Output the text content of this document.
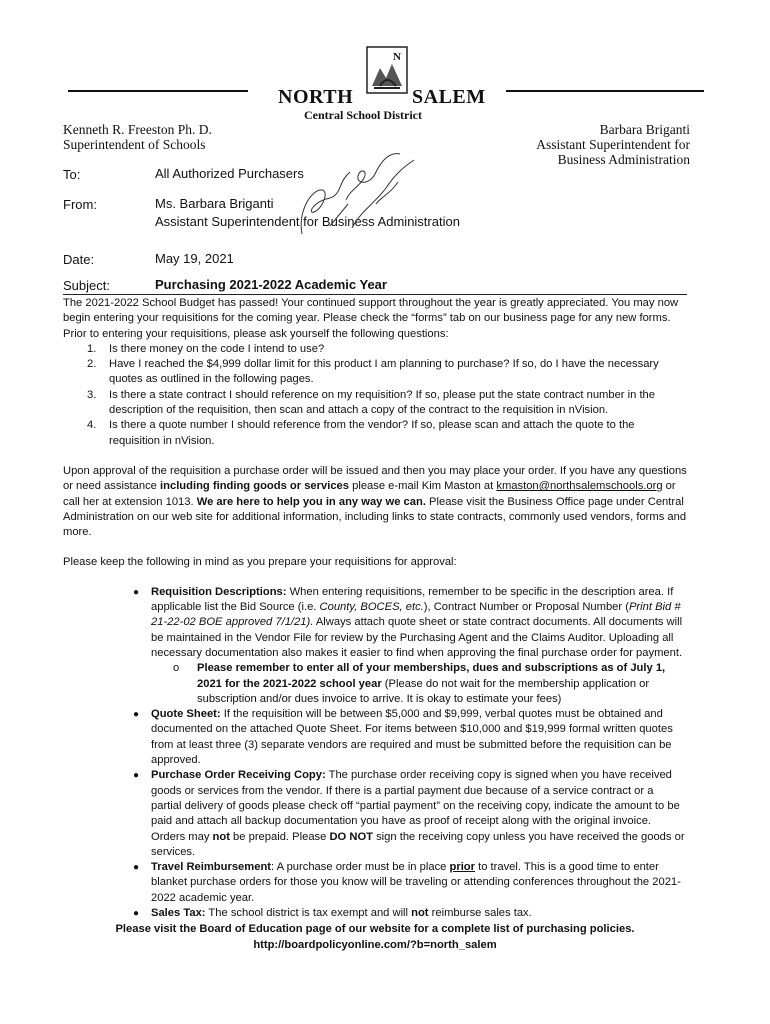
N
NORTH	SALEM
Central School District
Kenneth R. Freeston Ph. D.
Superintendent of Schools
Barbara Briganti
Assistant Superintendent for
Business Administration
To:	All Authorized Purchasers
From:	Ms. Barbara Briganti
Assistant Superintendent for Business Administration
Date:	May 19, 2021
Subject:	Purchasing 2021-2022 Academic Year
Barbara Briganti
The 2021-2022 School Budget has passed! Your continued support throughout the year is greatly appreciated. You may now begin entering your requisitions for the coming year. Please check the “forms” tab on our business page for any new forms. Prior to entering your requisitions, please ask yourself the following questions:
1. Is there money on the code I intend to use?
2. Have I reached the $4,999 dollar limit for this product I am planning to purchase? If so, do I have the necessary quotes as outlined in the following pages.
3. Is there a state contract I should reference on my requisition? If so, please put the state contract number in the description of the requisition, then scan and attach a copy of the contract to the requisition in nVision.
4. Is there a quote number I should reference from the vendor? If so, please scan and attach the quote to the requisition in nVision.
Upon approval of the requisition a purchase order will be issued and then you may place your order. If you have any questions or need assistance including finding goods or services please e-mail Kim Maston at kmaston@northsalemschools.org or call her at extension 1013. We are here to help you in any way we can. Please visit the Business Office page under Central Administration on our web site for additional information, including links to state contracts, commonly used vendors, forms and more.
Please keep the following in mind as you prepare your requisitions for approval:
● Requisition Descriptions: When entering requisitions, remember to be specific in the description area. If applicable list the Bid Source (i.e. County, BOCES, etc.), Contract Number or Proposal Number (Print Bid # 21-22-02 BOE approved 7/1/21). Always attach quote sheet or state contract documents. All documents will be maintained in the Vendor File for review by the Purchasing Agent and the Claims Auditor. Uploading all necessary documentation also makes it easier to find when approving the final purchase order for payment.
o Please remember to enter all of your memberships, dues and subscriptions as of July 1, 2021 for the 2021-2022 school year (Please do not wait for the membership application or subscription and/or dues invoice to arrive. It is okay to estimate your fees)
● Quote Sheet: If the requisition will be between $5,000 and $9,999, verbal quotes must be obtained and documented on the attached Quote Sheet. For items between $10,000 and $19,999 formal written quotes from at least three (3) separate vendors are required and must be submitted before the requisition can be approved.
● Purchase Order Receiving Copy: The purchase order receiving copy is signed when you have received goods or services from the vendor. If there is a partial payment due because of a service contract or a partial delivery of goods please check off “partial payment” on the receiving copy, indicate the amount to be paid and attach all backup documentation you have as proof of receipt along with the original invoice. Orders may not be prepaid. Please DO NOT sign the receiving copy unless you have received the goods or services.
● Travel Reimbursement: A purchase order must be in place prior to travel. This is a good time to enter blanket purchase orders for those you know will be traveling or attending conferences throughout the 2021-2022 academic year.
● Sales Tax: The school district is tax exempt and will not reimburse sales tax.
Please visit the Board of Education page of our website for a complete list of purchasing policies.
http://boardpolicyonline.com/?b=north_salem
